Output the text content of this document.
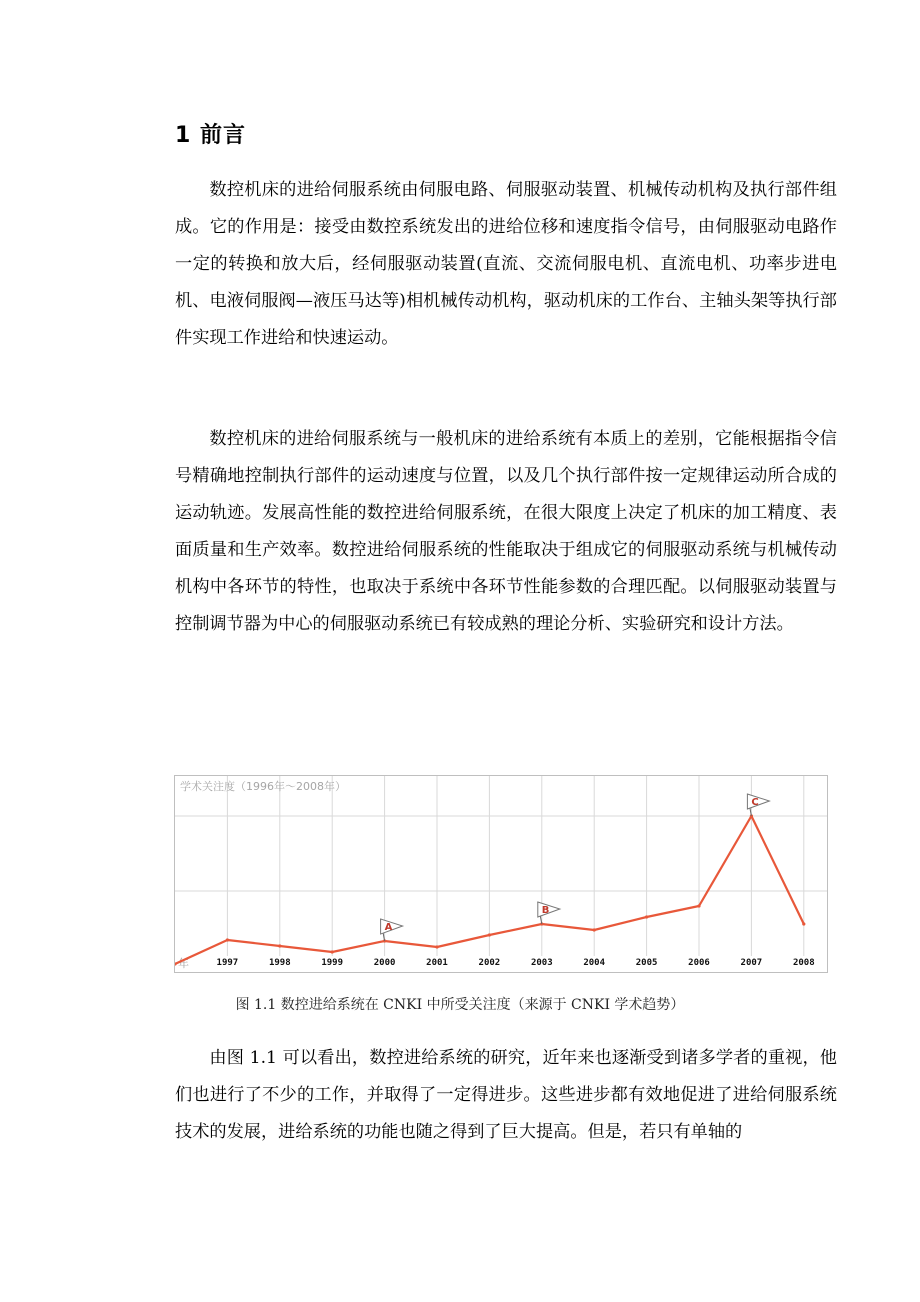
1 前言

数控机床的进给伺服系统由伺服电路、伺服驱动装置、机械传动机构及执行部件组成。它的作用是：接受由数控系统发出的进给位移和速度指令信号，由伺服驱动电路作一定的转换和放大后，经伺服驱动装置(直流、交流伺服电机、直流电机、功率步进电机、电液伺服阀—液压马达等)相机械传动机构，驱动机床的工作台、主轴头架等执行部件实现工作进给和快速运动。

数控机床的进给伺服系统与一般机床的进给系统有本质上的差别，它能根据指令信号精确地控制执行部件的运动速度与位置，以及几个执行部件按一定规律运动所合成的运动轨迹。发展高性能的数控进给伺服系统，在很大限度上决定了机床的加工精度、表面质量和生产效率。数控进给伺服系统的性能取决于组成它的伺服驱动系统与机械传动机构中各环节的特性，也取决于系统中各环节性能参数的合理匹配。以伺服驱动装置与控制调节器为中心的伺服驱动系统已有较成熟的理论分析、实验研究和设计方法。

学术关注度（1996年～2008年）
年	1997	1998	1999	2000	2001	2002	2003	2004	2005	2006	2007	2008
A
B
C
图 1.1 数控进给系统在 CNKI 中所受关注度（来源于 CNKI 学术趋势）

由图 1.1 可以看出，数控进给系统的研究，近年来也逐渐受到诸多学者的重视，他们也进行了不少的工作，并取得了一定得进步。这些进步都有效地促进了进给伺服系统技术的发展，进给系统的功能也随之得到了巨大提高。但是，若只有单轴的
